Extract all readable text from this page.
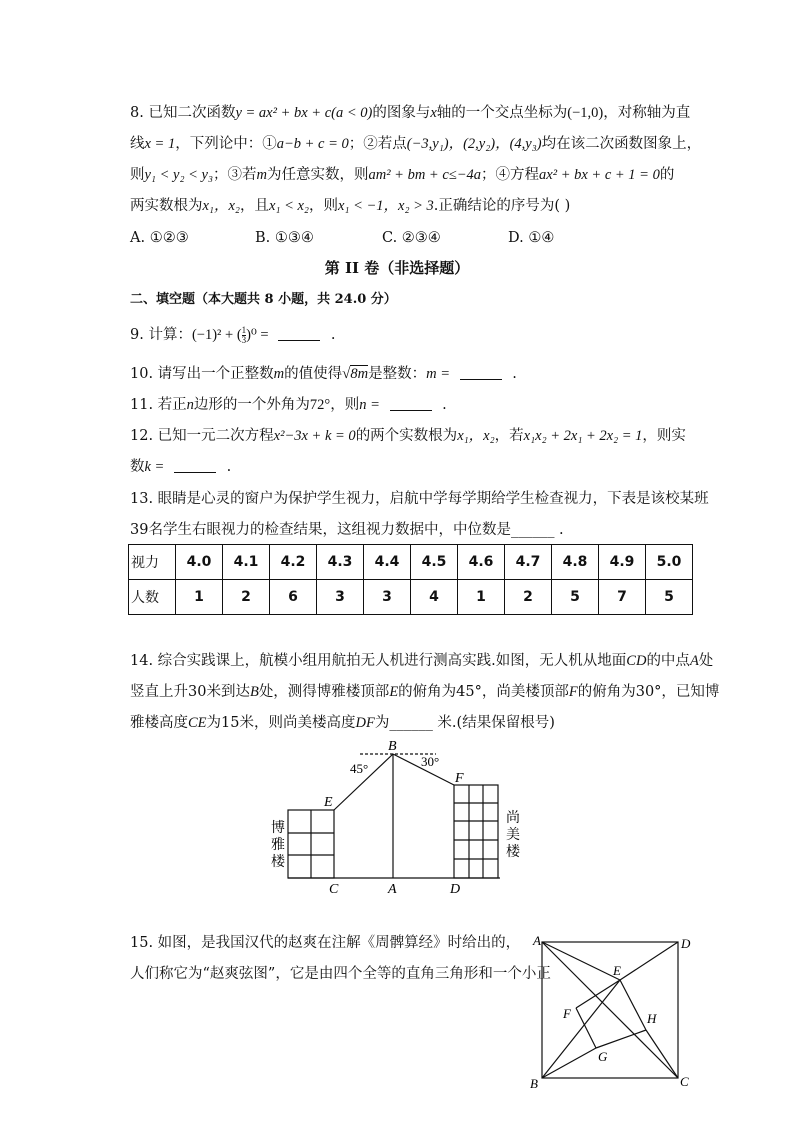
8. 已知二次函数y = ax² + bx + c(a < 0)的图象与x轴的一个交点坐标为(−1,0)，对称轴为直
线x = 1，下列论中：①a−b + c = 0；②若点(−3,y₁)，(2,y₂)，(4,y₃)均在该二次函数图象上，
则y₁ < y₂ < y₃；③若m为任意实数，则am² + bm + c≤−4a；④方程ax² + bx + c + 1 = 0的
两实数根为x₁，x₂，且x₁ < x₂，则x₁ < −1，x₂ > 3.正确结论的序号为( )
A. ①②③	B. ①③④	C. ②③④	D. ①④
第 II 卷（非选择题）
二、填空题（本大题共 8 小题，共 24.0 分）
9. 计算：(−1)² + ( $\frac{1}{3} )^0$ =	.
10. 请写出一个正整数m的值使得√8m是整数：m =	.
11. 若正n边形的一个外角为72°，则n =	.
12. 已知一元二次方程x²−3x + k = 0的两个实数根为x₁，x₂，若x₁x₂ + 2x₁ + 2x₂ = 1，则实
数k =	.
13. 眼睛是心灵的窗户为保护学生视力，启航中学每学期给学生检查视力，下表是该校某班
39名学生右眼视力的检查结果，这组视力数据中，中位数是______ .
视力	4.0	4.1	4.2	4.3	4.4	4.5	4.6	4.7	4.8	4.9	5.0
人数	1	2	6	3	3	4	1	2	5	7	5
14. 综合实践课上，航模小组用航拍无人机进行测高实践.如图，无人机从地面CD的中点A处
竖直上升30米到达B处，测得博雅楼顶部E的俯角为45°，尚美楼顶部F的俯角为30°，已知博
雅楼高度CE为15米，则尚美楼高度DF为______ 米.(结果保留根号)
B
E
F
C	A	D
45°	30°
博
雅
楼
尚
美
楼
A	D
B	C
E
F	H
G
15. 如图，是我国汉代的赵爽在注解《周髀算经》时给出的，
人们称它为“赵爽弦图”，它是由四个全等的直角三角形和一个小正
